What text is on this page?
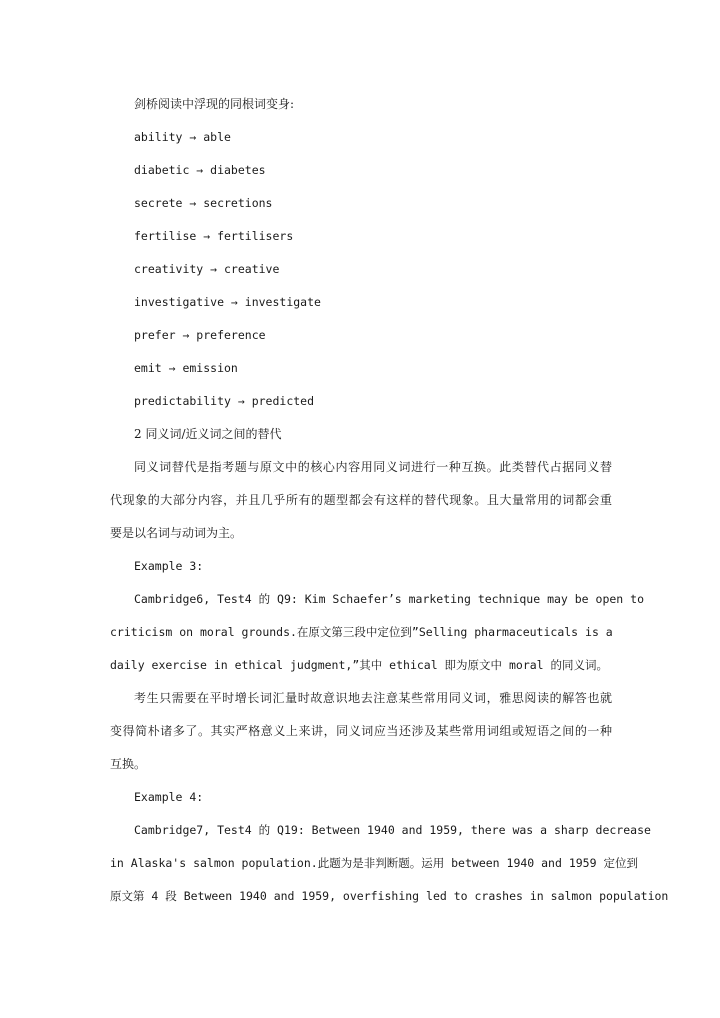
剑桥阅读中浮现的同根词变身:
ability → able
diabetic → diabetes
secrete → secretions
fertilise → fertilisers
creativity → creative
investigative → investigate
prefer → preference
emit → emission
predictability → predicted
2 同义词/近义词之间的替代
同义词替代是指考题与原文中的核心内容用同义词进行一种互换。此类替代占据同义替
代现象的大部分内容，并且几乎所有的题型都会有这样的替代现象。且大量常用的词都会重
要是以名词与动词为主。
Example 3:
Cambridge6, Test4 的 Q9: Kim Schaefer’s marketing technique may be open to
criticism on moral grounds.在原文第三段中定位到”Selling pharmaceuticals is a
daily exercise in ethical judgment,”其中 ethical 即为原文中 moral 的同义词。
考生只需要在平时增长词汇量时故意识地去注意某些常用同义词，雅思阅读的解答也就
变得简朴诸多了。其实严格意义上来讲，同义词应当还涉及某些常用词组或短语之间的一种
互换。
Example 4:
Cambridge7, Test4 的 Q19: Between 1940 and 1959, there was a sharp decrease
in Alaska's salmon population.此题为是非判断题。运用 between 1940 and 1959 定位到
原文第 4 段 Between 1940 and 1959, overfishing led to crashes in salmon population
